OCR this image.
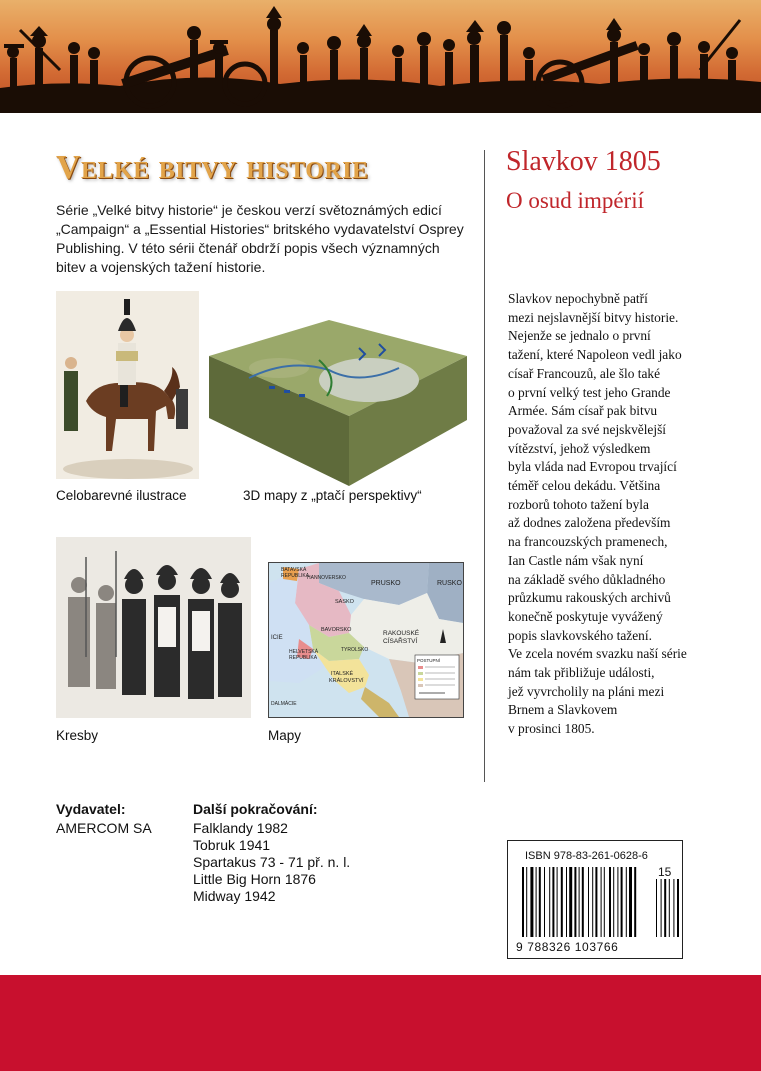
Velké bitvy historie

Série „Velké bitvy historie“ je českou verzí světoznámých edicí „Campaign“ a „Essential Histories“ britského vydavatelství Osprey Publishing. V této sérii čtenář obdrží popis všech významných bitev a vojenských tažení historie.

Celobarevné ilustrace	3D mapy z „ptačí perspektivy“
Kresby
PRUSKO	RUSKO
RAKOUSKÉ
CÍSAŘSTVÍ
BAVORSKO
SASKO
BATAVSKÁ
REPUBLIKA
HANNOVERSKO
ITALSKÉ
KRÁLOVSTVÍ
HELVETSKÁ
REPUBLIKA
ICIE
TYROLSKO
DALMÁCIE
POSTUPNÍ
Mapy
Slavkov 1805
O osud impérií
Slavkov nepochybně patří
mezi nejslavnější bitvy historie.
Nejenže se jednalo o první
tažení, které Napoleon vedl jako
císař Francouzů, ale šlo také
o první velký test jeho Grande
Armée. Sám císař pak bitvu
považoval za své nejskvělejší
vítězství, jehož výsledkem
byla vláda nad Evropou trvající
téměř celou dekádu. Většina
rozborů tohoto tažení byla
až dodnes založena především
na francouzských pramenech,
Ian Castle nám však nyní
na základě svého důkladného
průzkumu rakouských archivů
konečně poskytuje vyvážený
popis slavkovského tažení.
Ve zcela novém svazku naší série
nám tak přibližuje události,
jež vyvrcholily na pláni mezi
Brnem a Slavkovem
v prosinci 1805.
Vydavatel:
AMERCOM SA
Další pokračování:
Falklandy 1982
Tobruk 1941
Spartakus 73 - 71 př. n. l.
Little Big Horn 1876
Midway 1942
ISBN 978-83-261-0628-6
15
9 788326 103766
